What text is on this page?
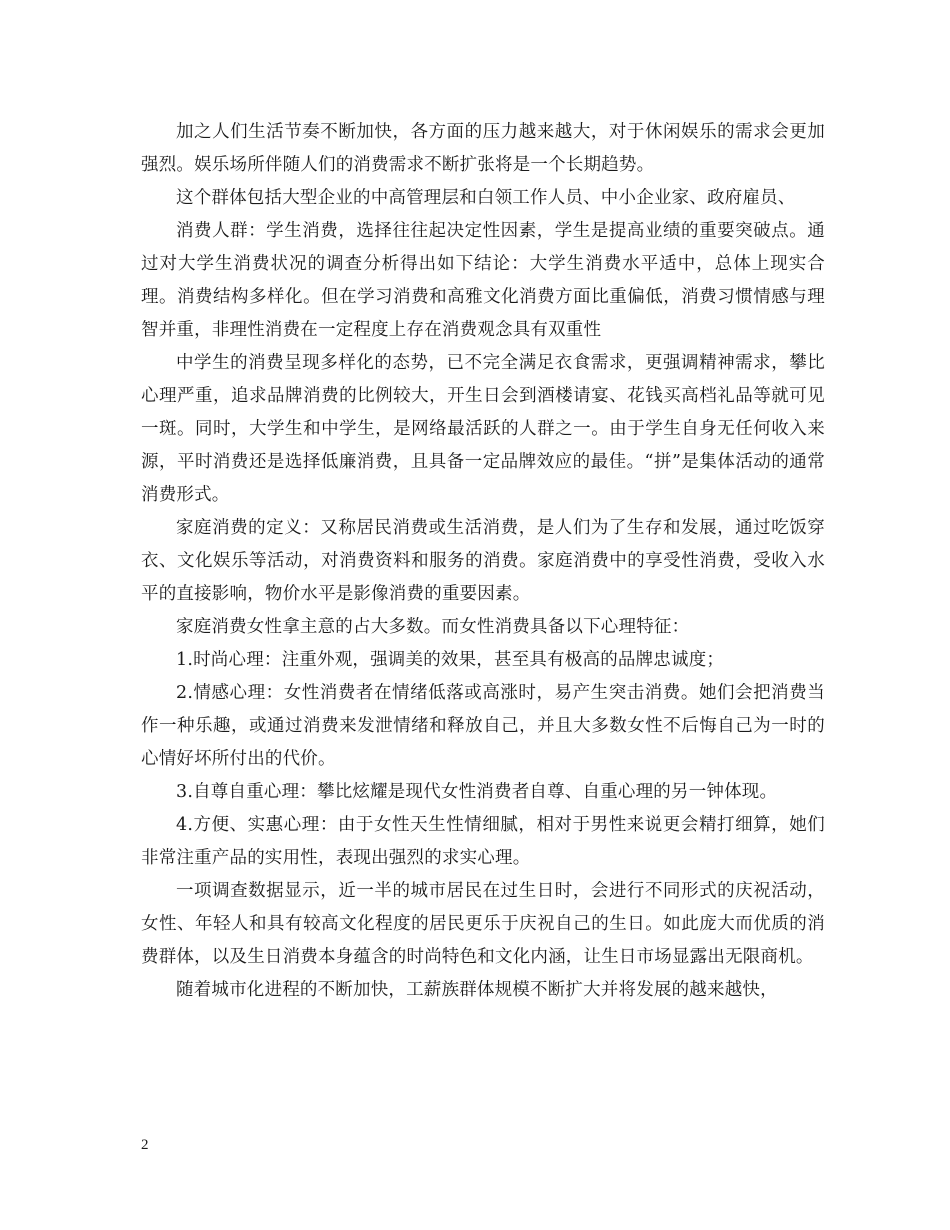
加之人们生活节奏不断加快，各方面的压力越来越大，对于休闲娱乐的需求会更加强烈。娱乐场所伴随人们的消费需求不断扩张将是一个长期趋势。

这个群体包括大型企业的中高管理层和白领工作人员、中小企业家、政府雇员、

消费人群：学生消费，选择往往起决定性因素，学生是提高业绩的重要突破点。通过对大学生消费状况的调查分析得出如下结论：大学生消费水平适中，总体上现实合理。消费结构多样化。但在学习消费和高雅文化消费方面比重偏低，消费习惯情感与理智并重，非理性消费在一定程度上存在消费观念具有双重性

中学生的消费呈现多样化的态势，已不完全满足衣食需求，更强调精神需求，攀比心理严重，追求品牌消费的比例较大，开生日会到酒楼请宴、花钱买高档礼品等就可见一斑。同时，大学生和中学生，是网络最活跃的人群之一。由于学生自身无任何收入来源，平时消费还是选择低廉消费，且具备一定品牌效应的最佳。“拼”是集体活动的通常消费形式。

家庭消费的定义：又称居民消费或生活消费，是人们为了生存和发展，通过吃饭穿衣、文化娱乐等活动，对消费资料和服务的消费。家庭消费中的享受性消费，受收入水平的直接影响，物价水平是影像消费的重要因素。

家庭消费女性拿主意的占大多数。而女性消费具备以下心理特征：

1.时尚心理：注重外观，强调美的效果，甚至具有极高的品牌忠诚度；

2.情感心理：女性消费者在情绪低落或高涨时，易产生突击消费。她们会把消费当作一种乐趣，或通过消费来发泄情绪和释放自己，并且大多数女性不后悔自己为一时的心情好坏所付出的代价。

3.自尊自重心理：攀比炫耀是现代女性消费者自尊、自重心理的另一钟体现。

4.方便、实惠心理：由于女性天生性情细腻，相对于男性来说更会精打细算，她们非常注重产品的实用性，表现出强烈的求实心理。

一项调查数据显示，近一半的城市居民在过生日时，会进行不同形式的庆祝活动，女性、年轻人和具有较高文化程度的居民更乐于庆祝自己的生日。如此庞大而优质的消费群体，以及生日消费本身蕴含的时尚特色和文化内涵，让生日市场显露出无限商机。

随着城市化进程的不断加快，工薪族群体规模不断扩大并将发展的越来越快，

2
